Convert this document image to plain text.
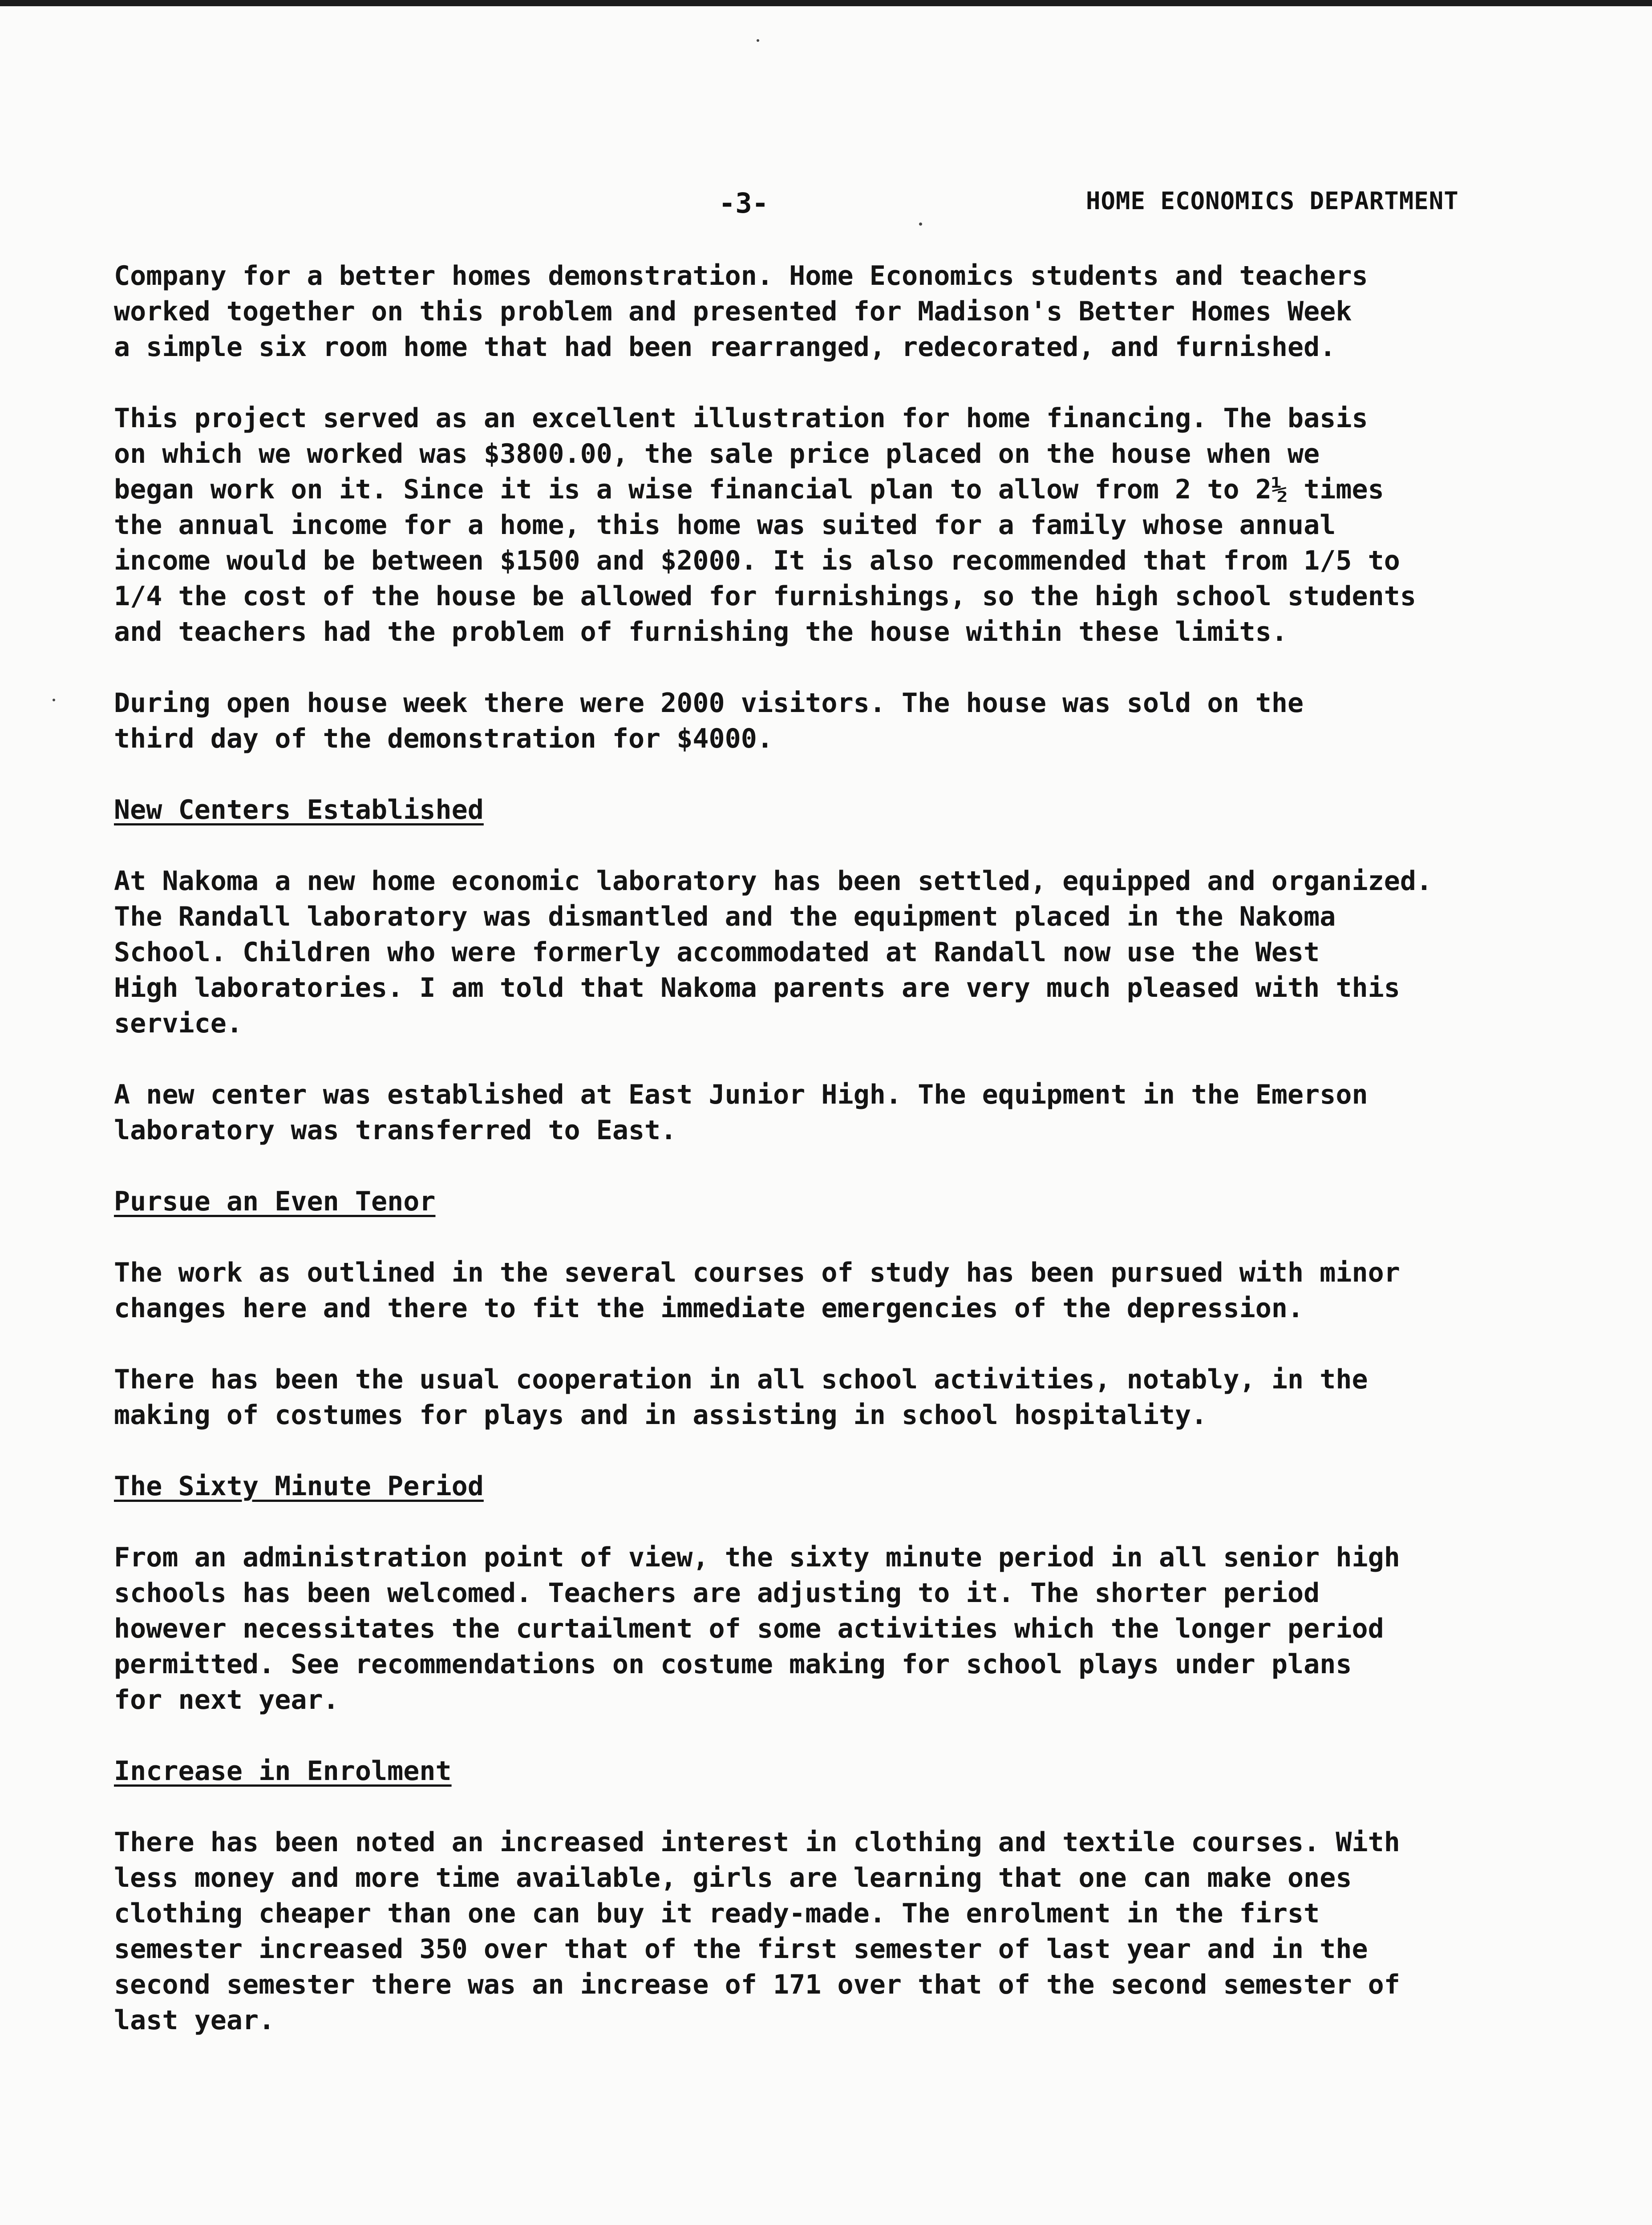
-3-	HOME ECONOMICS DEPARTMENT
Company for a better homes demonstration. Home Economics students and teachers
worked together on this problem and presented for Madison's Better Homes Week
a simple six room home that had been rearranged, redecorated, and furnished.
This project served as an excellent illustration for home financing. The basis
on which we worked was $3800.00, the sale price placed on the house when we
began work on it. Since it is a wise financial plan to allow from 2 to 2½ times
the annual income for a home, this home was suited for a family whose annual
income would be between $1500 and $2000. It is also recommended that from 1/5 to
1/4 the cost of the house be allowed for furnishings, so the high school students
and teachers had the problem of furnishing the house within these limits.
During open house week there were 2000 visitors. The house was sold on the
third day of the demonstration for $4000.
New Centers Established
At Nakoma a new home economic laboratory has been settled, equipped and organized.
The Randall laboratory was dismantled and the equipment placed in the Nakoma
School. Children who were formerly accommodated at Randall now use the West
High laboratories. I am told that Nakoma parents are very much pleased with this
service.
A new center was established at East Junior High. The equipment in the Emerson
laboratory was transferred to East.
Pursue an Even Tenor
The work as outlined in the several courses of study has been pursued with minor
changes here and there to fit the immediate emergencies of the depression.
There has been the usual cooperation in all school activities, notably, in the
making of costumes for plays and in assisting in school hospitality.
The Sixty Minute Period
From an administration point of view, the sixty minute period in all senior high
schools has been welcomed. Teachers are adjusting to it. The shorter period
however necessitates the curtailment of some activities which the longer period
permitted. See recommendations on costume making for school plays under plans
for next year.
Increase in Enrolment
There has been noted an increased interest in clothing and textile courses. With
less money and more time available, girls are learning that one can make ones
clothing cheaper than one can buy it ready-made. The enrolment in the first
semester increased 350 over that of the first semester of last year and in the
second semester there was an increase of 171 over that of the second semester of
last year.
